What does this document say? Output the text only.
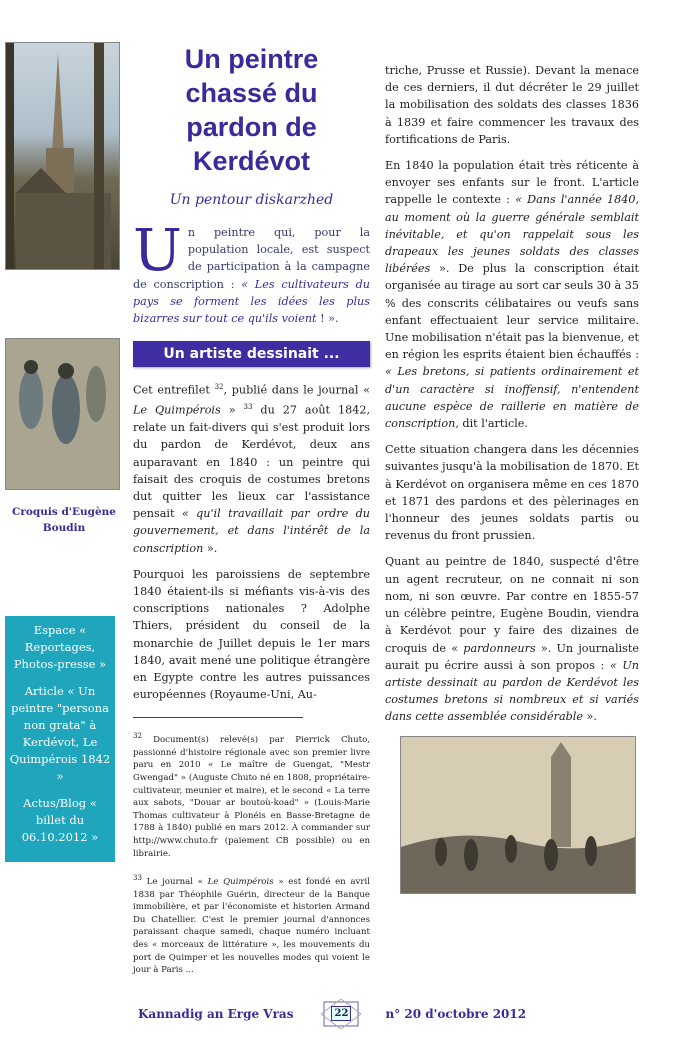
Croquis d'Eugène Boudin

Espace « Reportages, Photos-presse »

Article « Un peintre "persona non grata" à Kerdévot, Le Quimpérois 1842 »

Actus/Blog « billet du 06.10.2012 »

Un peintre chassé du pardon de Kerdévot
Un pentour diskarzhed
U n peintre qui, pour la population locale, est suspect de participation à la campagne de conscription : « Les cultivateurs du pays se forment les idées les plus bizarres sur tout ce qu'ils voient ! ».
Un artiste dessinait ...

Cet entrefilet $^{32}$, publié dans le journal « Le Quimpérois » $^{33}$ du 27 août 1842, relate un fait-divers qui s'est produit lors du pardon de Kerdévot, deux ans auparavant en 1840 : un peintre qui faisait des croquis de costumes bretons dut quitter les lieux car l'assistance pensait « qu'il travaillait par ordre du gouvernement, et dans l'intérêt de la conscription ».

Pourquoi les paroissiens de septembre 1840 étaient-ils si méfiants vis-à-vis des conscriptions nationales ? Adolphe Thiers, président du conseil de la monarchie de Juillet depuis le 1er mars 1840, avait mené une politique étrangère en Egypte contre les autres puissances européennes (Royaume-Uni, Au-

$^{32}$ Document(s) relevé(s) par Pierrick Chuto, passionné d'histoire régionale avec son premier livre paru en 2010 « Le maître de Guengat, "Mestr Gwengad" » (Auguste Chuto né en 1808, propriétaire-cultivateur, meunier et maire), et le second « La terre aux sabots, "Douar ar boutoù-koad" » (Louis-Marie Thomas cultivateur à Plonéis en Basse-Bretagne de 1788 à 1840) publié en mars 2012. À commander sur http://www.chuto.fr (paiement CB possible) ou en librairie.

$^{33}$ Le journal « Le Quimpérois » est fondé en avril 1838 par Théophile Guérin, directeur de la Banque immobilière, et par l'économiste et historien Armand Du Chatellier. C'est le premier journal d'annonces paraissant chaque samedi, chaque numéro incluant des « morceaux de littérature », les mouvements du port de Quimper et les nouvelles modes qui voient le jour à Paris ...

triche, Prusse et Russie). Devant la menace de ces derniers, il dut décréter le 29 juillet la mobilisation des soldats des classes 1836 à 1839 et faire commencer les travaux des fortifications de Paris.

En 1840 la population était très réticente à envoyer ses enfants sur le front. L'article rappelle le contexte : « Dans l'année 1840, au moment où la guerre générale semblait inévitable, et qu'on rappelait sous les drapeaux les jeunes soldats des classes libérées ». De plus la conscription était organisée au tirage au sort car seuls 30 à 35 % des conscrits célibataires ou veufs sans enfant effectuaient leur service militaire. Une mobilisation n'était pas la bienvenue, et en région les esprits étaient bien échauffés : « Les bretons, si patients ordinairement et d'un caractère si inoffensif, n'entendent aucune espèce de raillerie en matière de conscription, dit l'article.

Cette situation changera dans les décennies suivantes jusqu'à la mobilisation de 1870. Et à Kerdévot on organisera même en ces 1870 et 1871 des pardons et des pèlerinages en l'honneur des jeunes soldats partis ou revenus du front prussien.

Quant au peintre de 1840, suspecté d'être un agent recruteur, on ne connait ni son nom, ni son œuvre. Par contre en 1855-57 un célèbre peintre, Eugène Boudin, viendra à Kerdévot pour y faire des dizaines de croquis de « pardonneurs ». Un journaliste aurait pu écrire aussi à son propos : « Un artiste dessinait au pardon de Kerdévot les costumes bretons si nombreux et si variés dans cette assemblée considérable ».

Kannadig an Erge Vras	22	n° 20 d'octobre 2012
